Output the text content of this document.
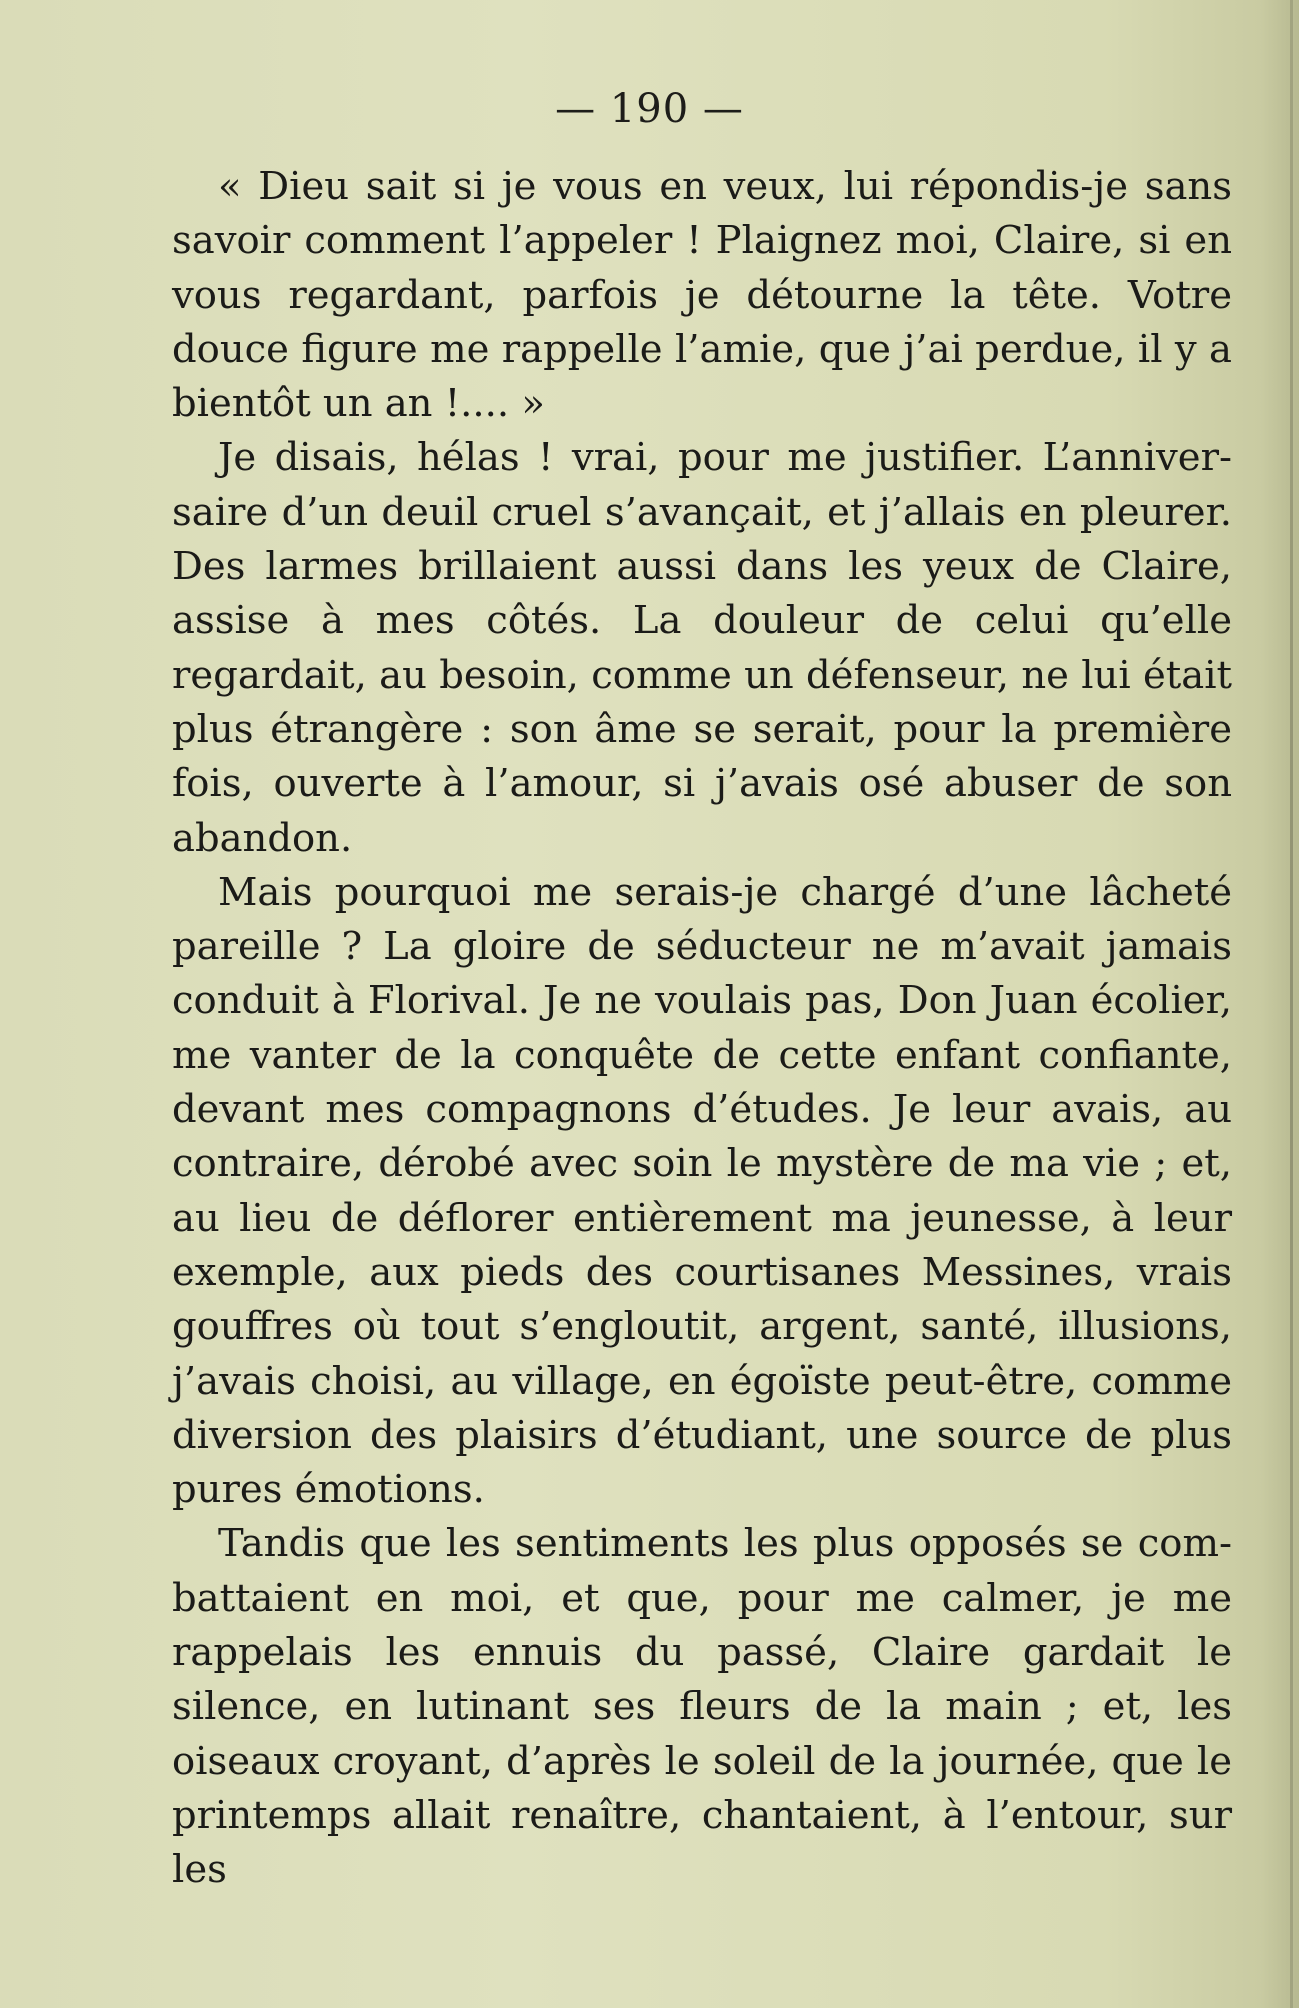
— 190 —

« Dieu sait si je vous en veux, lui répondis-je sans savoir comment l’appeler ! Plaignez moi, Claire, si en vous regardant, parfois je détourne la tête. Votre douce figure me rappelle l’amie, que j’ai perdue, il y a bientôt un an !.... »

Je disais, hélas ! vrai, pour me justifier. L’anniversaire d’un deuil cruel s’avançait, et j’allais en pleurer. Des larmes brillaient aussi dans les yeux de Claire, assise à mes côtés. La douleur de celui qu’elle regardait, au besoin, comme un défenseur, ne lui était plus étrangère : son âme se serait, pour la première fois, ouverte à l’amour, si j’avais osé abuser de son abandon.

Mais pourquoi me serais-je chargé d’une lâcheté pareille ? La gloire de séducteur ne m’avait jamais conduit à Florival. Je ne voulais pas, Don Juan écolier, me vanter de la conquête de cette enfant confiante, devant mes compagnons d’études. Je leur avais, au contraire, dérobé avec soin le mystère de ma vie ; et, au lieu de déflorer entièrement ma jeunesse, à leur exemple, aux pieds des courtisanes Messines, vrais gouffres où tout s’engloutit, argent, santé, illusions, j’avais choisi, au village, en égoïste peut-être, comme diversion des plaisirs d’étudiant, une source de plus pures émotions.

Tandis que les sentiments les plus opposés se combattaient en moi, et que, pour me calmer, je me rappelais les ennuis du passé, Claire gardait le silence, en lutinant ses fleurs de la main ; et, les oiseaux croyant, d’après le soleil de la journée, que le printemps allait renaître, chantaient, à l’entour, sur les
